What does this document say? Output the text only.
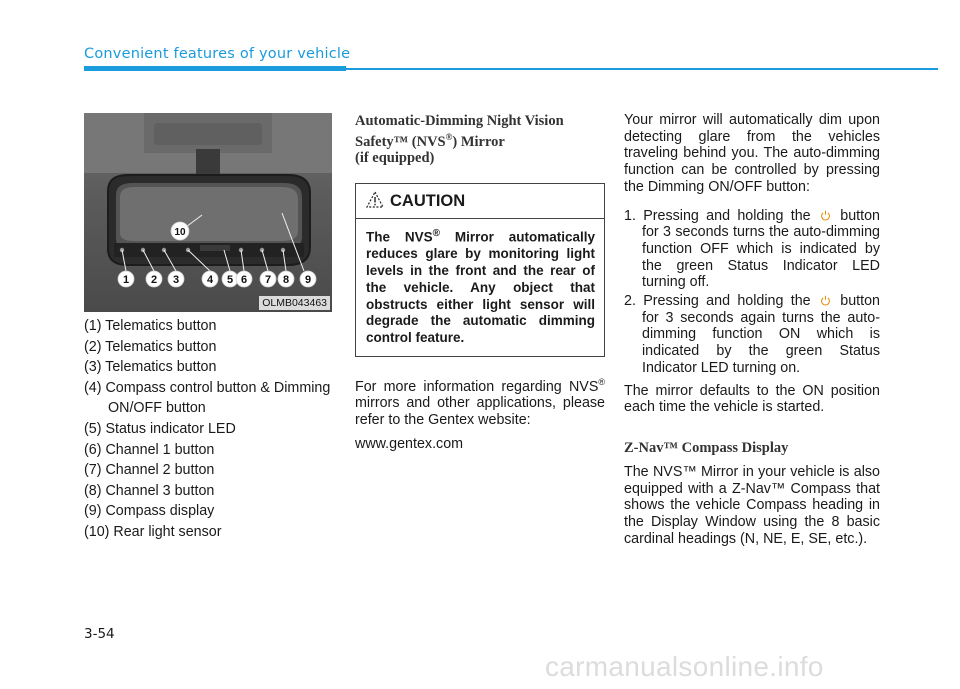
Convenient features of your vehicle
1 2 3	4 5 6 7 8 9
10
OLMB043463
(1) Telematics button
(2) Telematics button
(3) Telematics button
(4) Compass control button & Dimming ON/OFF button
(5) Status indicator LED
(6) Channel 1 button
(7) Channel 2 button
(8) Channel 3 button
(9) Compass display
(10) Rear light sensor
Automatic-Dimming Night Vision
Safety™ (NVS®) Mirror
(if equipped)
CAUTION
The NVS® Mirror automatically reduces glare by monitoring light levels in the front and the rear of the vehicle. Any object that obstructs either light sensor will degrade the automatic dimming control feature.
For more information regarding NVS® mirrors and other applications, please refer to the Gentex website:
www.gentex.com

Your mirror will automatically dim upon detecting glare from the vehicles traveling behind you. The auto-dimming function can be controlled by pressing the Dimming ON/OFF button:

1. Pressing and holding the button for 3 seconds turns the auto-dimming function OFF which is indicated by the green Status Indicator LED turning off.
2. Pressing and holding the button for 3 seconds again turns the auto-dimming function ON which is indicated by the green Status Indicator LED turning on.

The mirror defaults to the ON position each time the vehicle is started.

Z-Nav™ Compass Display

The NVS™ Mirror in your vehicle is also equipped with a Z-Nav™ Compass that shows the vehicle Compass heading in the Display Window using the 8 basic cardinal headings (N, NE, E, SE, etc.).

3-54
carmanualsonline.info
